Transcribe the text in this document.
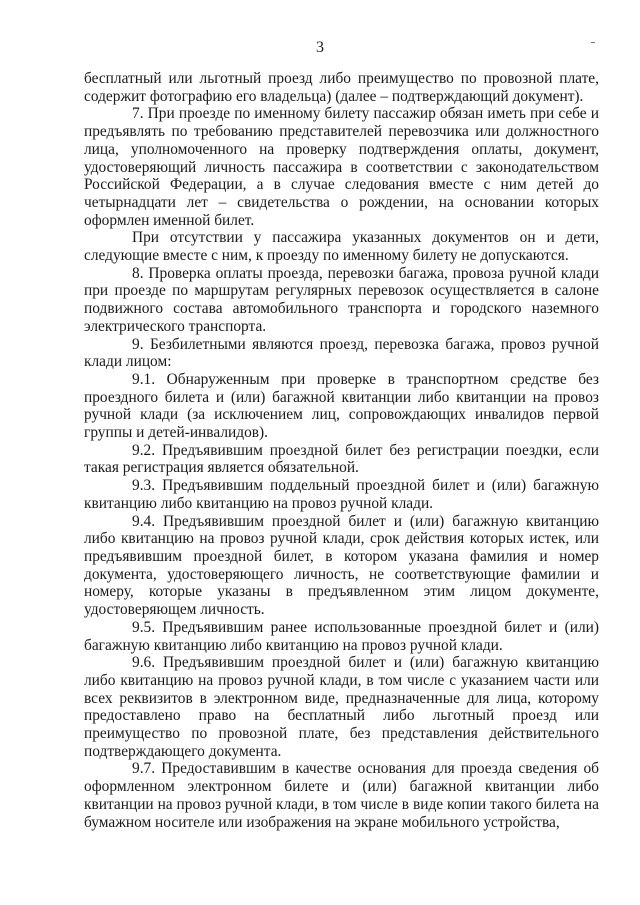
3

бесплатный или льготный проезд либо преимущество по провозной плате, содержит фотографию его владельца) (далее – подтверждающий документ).

7. При проезде по именному билету пассажир обязан иметь при себе и предъявлять по требованию представителей перевозчика или должностного лица, уполномоченного на проверку подтверждения оплаты, документ, удостоверяющий личность пассажира в соответствии с законодательством Российской Федерации, а в случае следования вместе с ним детей до четырнадцати лет – свидетельства о рождении, на основании которых оформлен именной билет.

При отсутствии у пассажира указанных документов он и дети, следующие вместе с ним, к проезду по именному билету не допускаются.

8. Проверка оплаты проезда, перевозки багажа, провоза ручной клади при проезде по маршрутам регулярных перевозок осуществляется в салоне подвижного состава автомобильного транспорта и городского наземного электрического транспорта.

9. Безбилетными являются проезд, перевозка багажа, провоз ручной клади лицом:

9.1. Обнаруженным при проверке в транспортном средстве без проездного билета и (или) багажной квитанции либо квитанции на провоз ручной клади (за исключением лиц, сопровождающих инвалидов первой группы и детей-инвалидов).

9.2. Предъявившим проездной билет без регистрации поездки, если такая регистрация является обязательной.

9.3. Предъявившим поддельный проездной билет и (или) багажную квитанцию либо квитанцию на провоз ручной клади.

9.4. Предъявившим проездной билет и (или) багажную квитанцию либо квитанцию на провоз ручной клади, срок действия которых истек, или предъявившим проездной билет, в котором указана фамилия и номер документа, удостоверяющего личность, не соответствующие фамилии и номеру, которые указаны в предъявленном этим лицом документе, удостоверяющем личность.

9.5. Предъявившим ранее использованные проездной билет и (или) багажную квитанцию либо квитанцию на провоз ручной клади.

9.6. Предъявившим проездной билет и (или) багажную квитанцию либо квитанцию на провоз ручной клади, в том числе с указанием части или всех реквизитов в электронном виде, предназначенные для лица, которому предоставлено право на бесплатный либо льготный проезд или преимущество по провозной плате, без представления действительного подтверждающего документа.

9.7. Предоставившим в качестве основания для проезда сведения об оформленном электронном билете и (или) багажной квитанции либо квитанции на провоз ручной клади, в том числе в виде копии такого билета на бумажном носителе или изображения на экране мобильного устройства,
